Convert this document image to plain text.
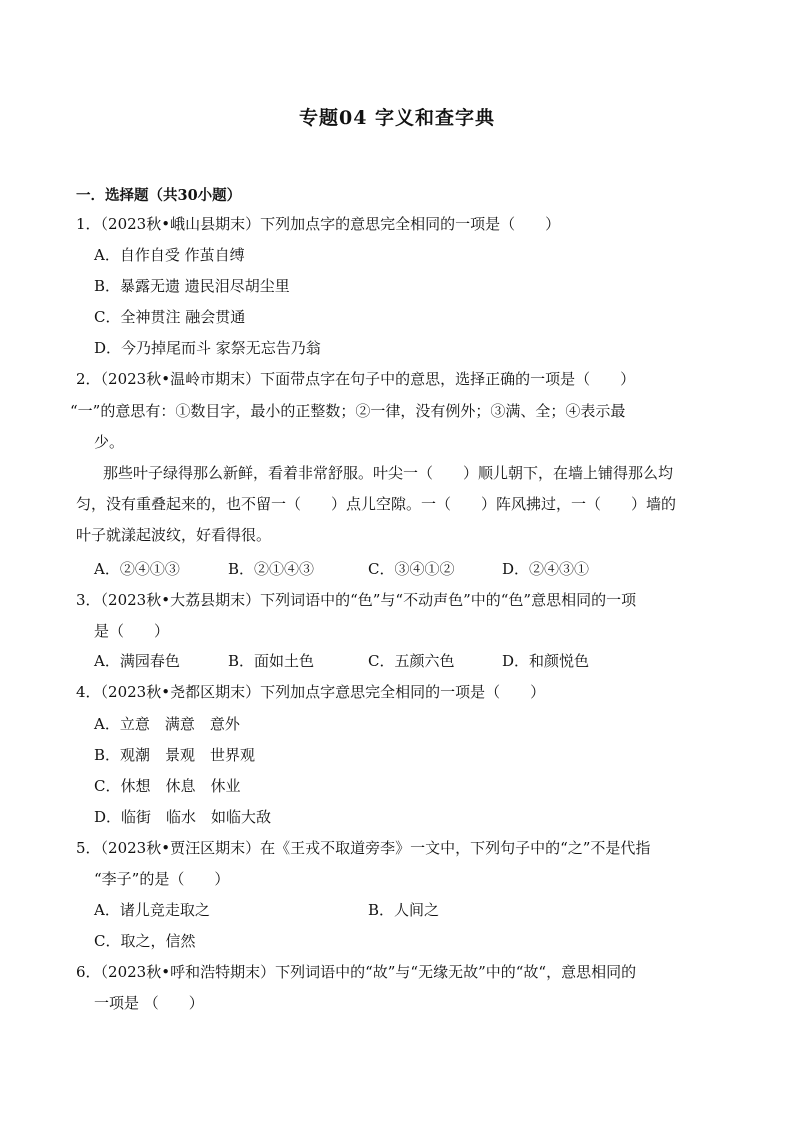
专题04 字义和查字典
一．选择题（共30小题）
1．（2023秋•峨山县期末）下列加点字的意思完全相同的一项是（　　）
A．自作自受 作茧自缚
B．暴露无遗 遗民泪尽胡尘里
C．全神贯注 融会贯通
D．今乃掉尾而斗 家祭无忘告乃翁
2．（2023秋•温岭市期末）下面带点字在句子中的意思，选择正确的一项是（　　）
“一”的意思有：①数目字，最小的正整数；②一律，没有例外；③满、全；④表示最
少。
那些叶子绿得那么新鲜，看着非常舒服。叶尖一（　　）顺儿朝下，在墙上铺得那么均
匀，没有重叠起来的，也不留一（　　）点儿空隙。一（　　）阵风拂过，一（　　）墙的
叶子就漾起波纹，好看得很。
A．②④①③	B．②①④③	C．③④①②	D．②④③①
3．（2023秋•大荔县期末）下列词语中的“色”与“不动声色”中的“色”意思相同的一项
是（　　）
A．满园春色	B．面如土色	C．五颜六色	D．和颜悦色
4．（2023秋•尧都区期末）下列加点字意思完全相同的一项是（　　）
A．立意　满意　意外
B．观潮　景观　世界观
C．休想　休息　休业
D．临街　临水　如临大敌
5．（2023秋•贾汪区期末）在《王戎不取道旁李》一文中，下列句子中的“之”不是代指
“李子”的是（　　）
A．诸儿竞走取之	B．人间之
C．取之，信然
6．（2023秋•呼和浩特期末）下列词语中的“故”与“无缘无故”中的“故“，意思相同的
一项是 （　　）
